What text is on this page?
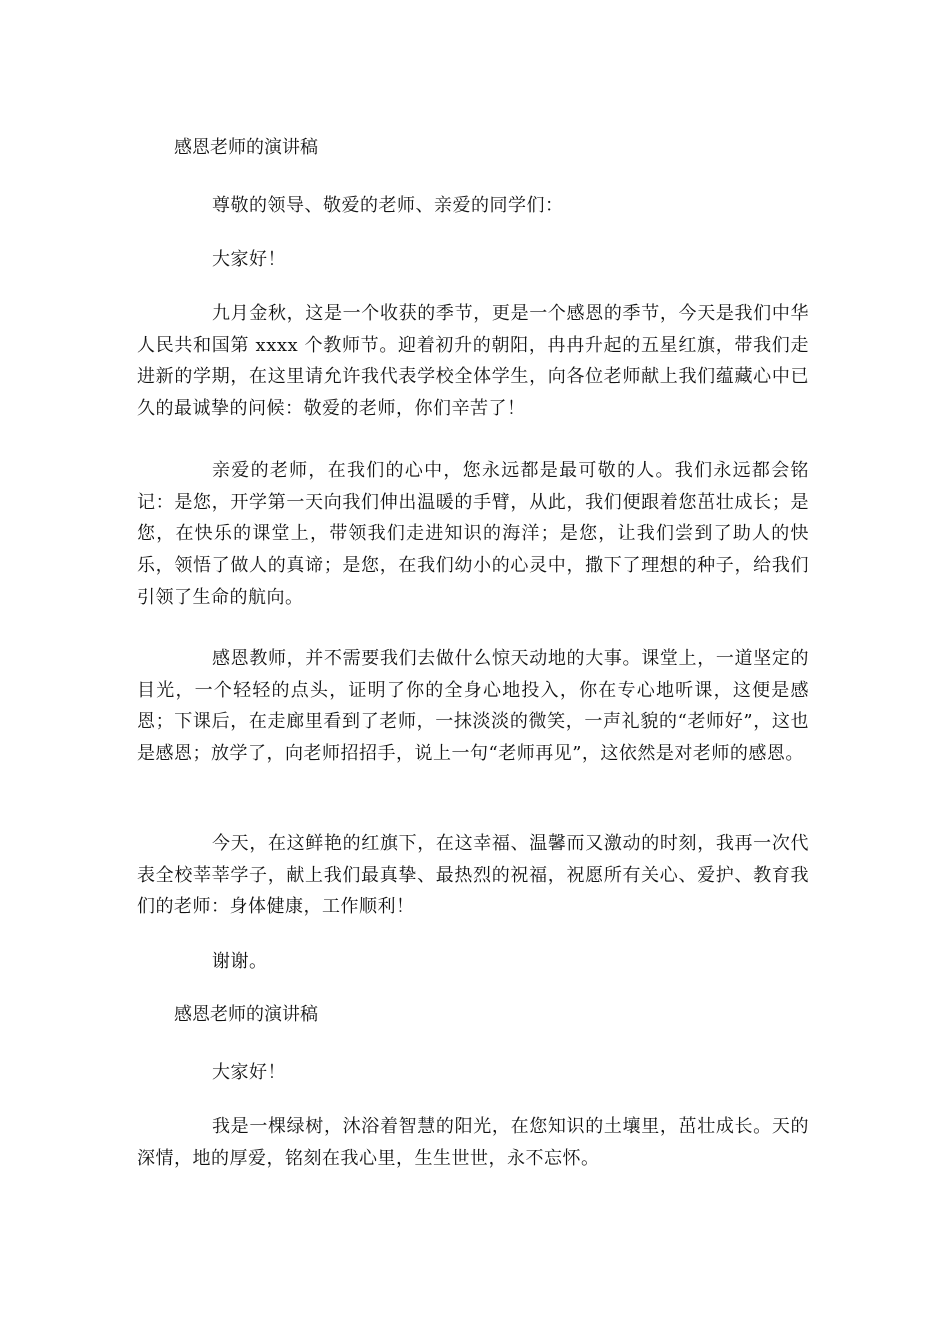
感恩老师的演讲稿

尊敬的领导、敬爱的老师、亲爱的同学们：

大家好！

九月金秋，这是一个收获的季节，更是一个感恩的季节，今天是我们中华人民共和国第 xxxx 个教师节。迎着初升的朝阳，冉冉升起的五星红旗，带我们走进新的学期，在这里请允许我代表学校全体学生，向各位老师献上我们蕴藏心中已久的最诚挚的问候：敬爱的老师，你们辛苦了！

亲爱的老师，在我们的心中，您永远都是最可敬的人。我们永远都会铭记：是您，开学第一天向我们伸出温暖的手臂，从此，我们便跟着您茁壮成长；是您，在快乐的课堂上，带领我们走进知识的海洋；是您，让我们尝到了助人的快乐，领悟了做人的真谛；是您，在我们幼小的心灵中，撒下了理想的种子，给我们引领了生命的航向。

感恩教师，并不需要我们去做什么惊天动地的大事。课堂上，一道坚定的目光，一个轻轻的点头，证明了你的全身心地投入，你在专心地听课，这便是感恩；下课后，在走廊里看到了老师，一抹淡淡的微笑，一声礼貌的“老师好”，这也是感恩；放学了，向老师招招手，说上一句“老师再见”，这依然是对老师的感恩。

今天，在这鲜艳的红旗下，在这幸福、温馨而又激动的时刻，我再一次代表全校莘莘学子，献上我们最真挚、最热烈的祝福，祝愿所有关心、爱护、教育我们的老师：身体健康，工作顺利！

谢谢。

感恩老师的演讲稿

大家好！

我是一棵绿树，沐浴着智慧的阳光，在您知识的土壤里，茁壮成长。天的深情，地的厚爱，铭刻在我心里，生生世世，永不忘怀。
